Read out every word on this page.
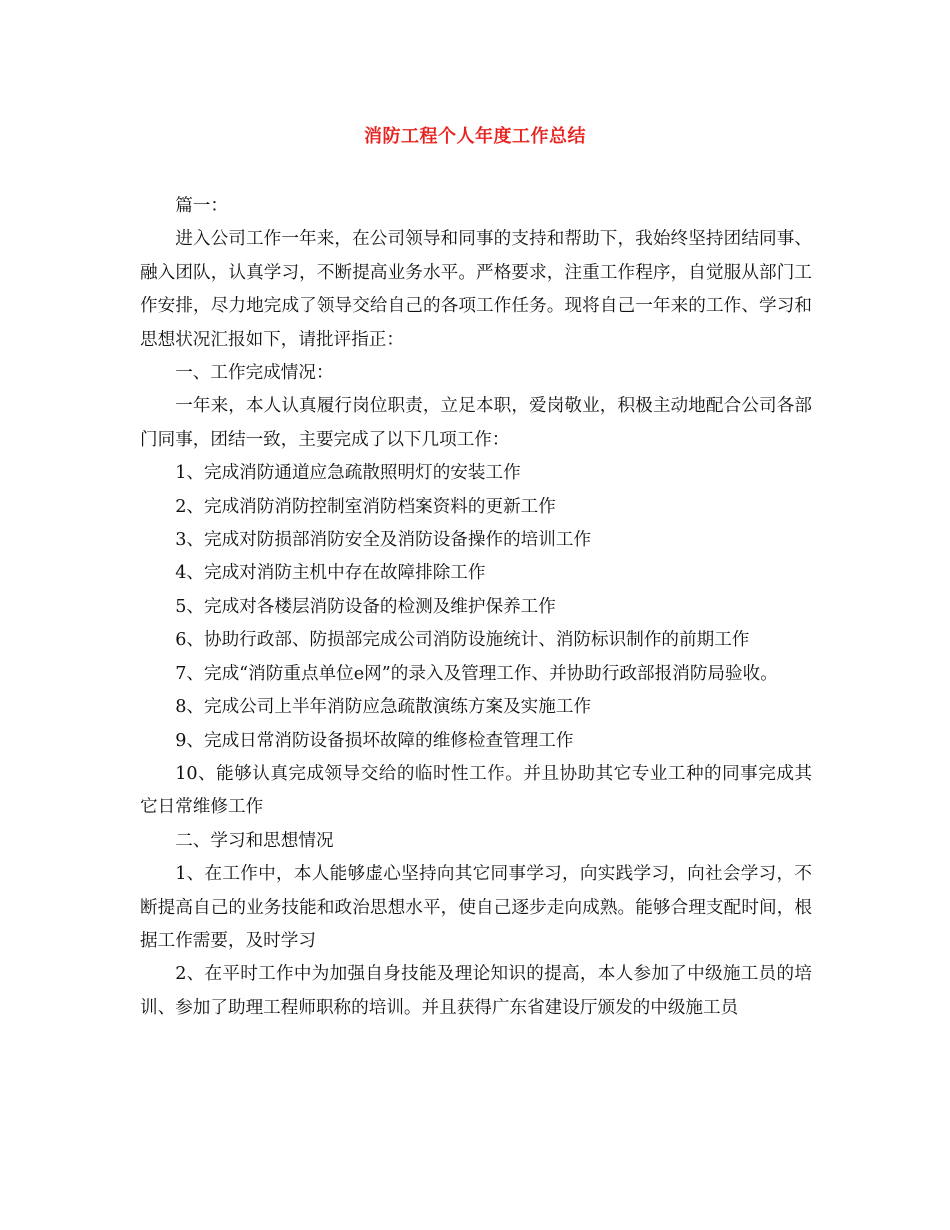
消防工程个人年度工作总结

篇一：

进入公司工作一年来，在公司领导和同事的支持和帮助下，我始终坚持团结同事、融入团队，认真学习，不断提高业务水平。严格要求，注重工作程序，自觉服从部门工作安排，尽力地完成了领导交给自己的各项工作任务。现将自己一年来的工作、学习和思想状况汇报如下，请批评指正：

一、工作完成情况：

一年来，本人认真履行岗位职责，立足本职，爱岗敬业，积极主动地配合公司各部门同事，团结一致，主要完成了以下几项工作：

1、完成消防通道应急疏散照明灯的安装工作

2、完成消防消防控制室消防档案资料的更新工作

3、完成对防损部消防安全及消防设备操作的培训工作

4、完成对消防主机中存在故障排除工作

5、完成对各楼层消防设备的检测及维护保养工作

6、协助行政部、防损部完成公司消防设施统计、消防标识制作的前期工作

7、完成“消防重点单位e网”的录入及管理工作、并协助行政部报消防局验收。

8、完成公司上半年消防应急疏散演练方案及实施工作

9、完成日常消防设备损坏故障的维修检查管理工作

10、能够认真完成领导交给的临时性工作。并且协助其它专业工种的同事完成其它日常维修工作

二、学习和思想情况

1、在工作中，本人能够虚心坚持向其它同事学习，向实践学习，向社会学习，不断提高自己的业务技能和政治思想水平，使自己逐步走向成熟。能够合理支配时间，根据工作需要，及时学习

2、在平时工作中为加强自身技能及理论知识的提高，本人参加了中级施工员的培训、参加了助理工程师职称的培训。并且获得广东省建设厅颁发的中级施工员
